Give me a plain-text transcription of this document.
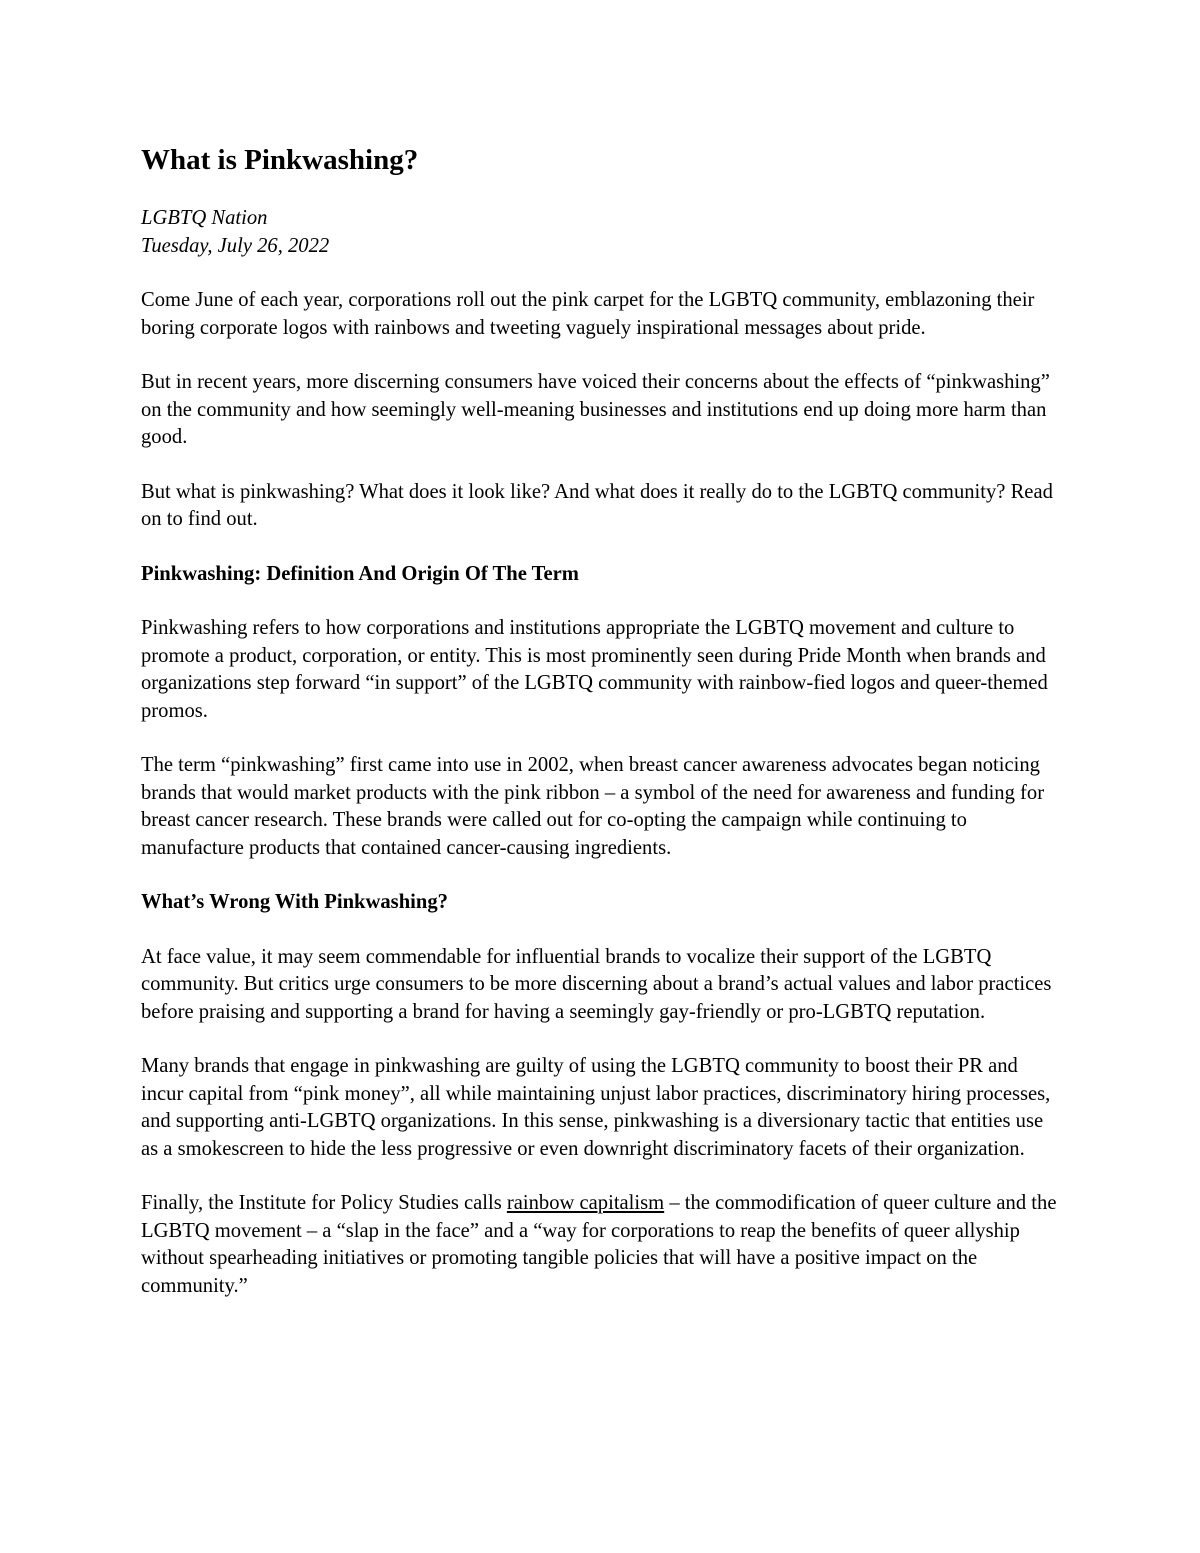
What is Pinkwashing?
LGBTQ Nation
Tuesday, July 26, 2022

Come June of each year, corporations roll out the pink carpet for the LGBTQ community, emblazoning their boring corporate logos with rainbows and tweeting vaguely inspirational messages about pride.

But in recent years, more discerning consumers have voiced their concerns about the effects of “pinkwashing” on the community and how seemingly well-meaning businesses and institutions end up doing more harm than good.

But what is pinkwashing? What does it look like? And what does it really do to the LGBTQ community? Read on to find out.

Pinkwashing: Definition And Origin Of The Term

Pinkwashing refers to how corporations and institutions appropriate the LGBTQ movement and culture to promote a product, corporation, or entity. This is most prominently seen during Pride Month when brands and organizations step forward “in support” of the LGBTQ community with rainbow-fied logos and queer-themed promos.

The term “pinkwashing” first came into use in 2002, when breast cancer awareness advocates began noticing brands that would market products with the pink ribbon – a symbol of the need for awareness and funding for breast cancer research. These brands were called out for co-opting the campaign while continuing to manufacture products that contained cancer-causing ingredients.

What’s Wrong With Pinkwashing?

At face value, it may seem commendable for influential brands to vocalize their support of the LGBTQ community. But critics urge consumers to be more discerning about a brand’s actual values and labor practices before praising and supporting a brand for having a seemingly gay-friendly or pro-LGBTQ reputation.

Many brands that engage in pinkwashing are guilty of using the LGBTQ community to boost their PR and incur capital from “pink money”, all while maintaining unjust labor practices, discriminatory hiring processes, and supporting anti-LGBTQ organizations. In this sense, pinkwashing is a diversionary tactic that entities use as a smokescreen to hide the less progressive or even downright discriminatory facets of their organization.

Finally, the Institute for Policy Studies calls rainbow capitalism – the commodification of queer culture and the LGBTQ movement – a “slap in the face” and a “way for corporations to reap the benefits of queer allyship without spearheading initiatives or promoting tangible policies that will have a positive impact on the community.”
